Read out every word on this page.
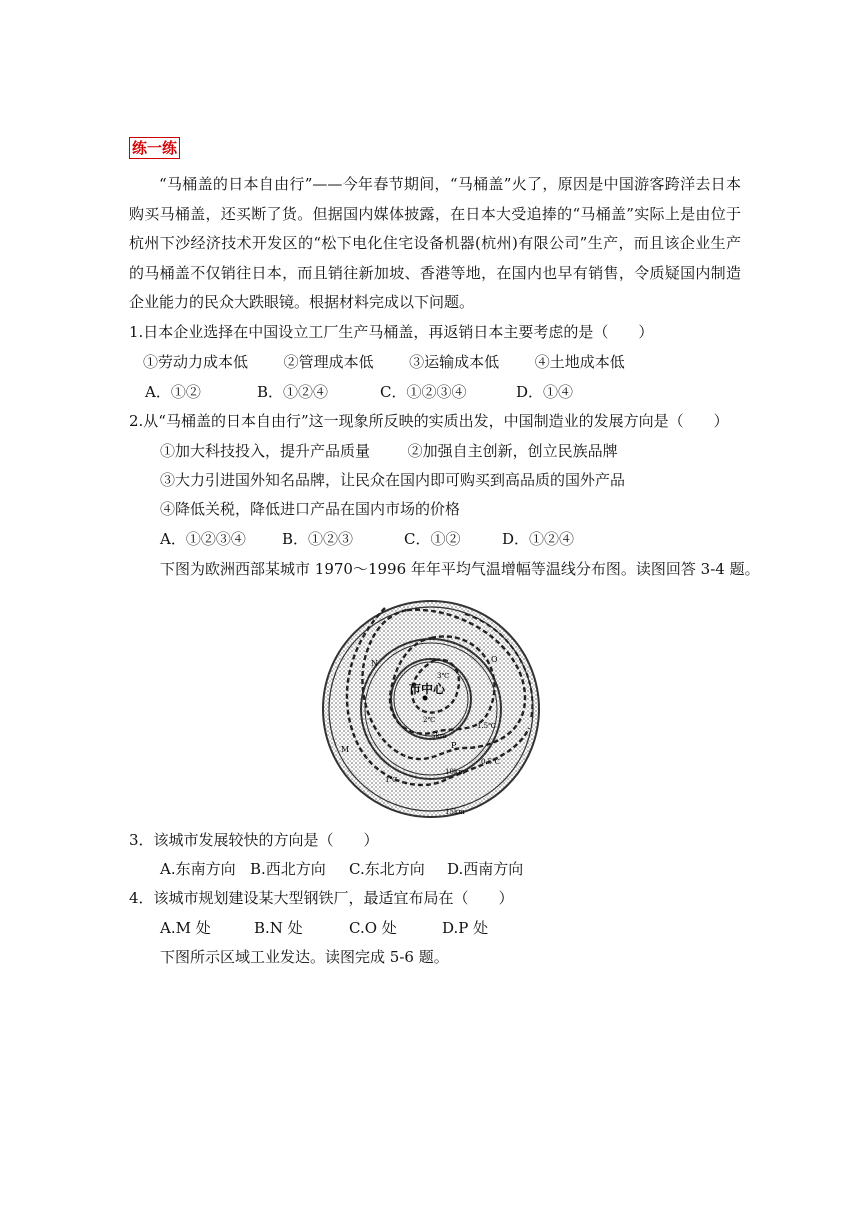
练一练
“马桶盖的日本自由行”——今年春节期间，“马桶盖”火了，原因是中国游客跨洋去日本购买马桶盖，还买断了货。但据国内媒体披露，在日本大受追捧的“马桶盖”实际上是由位于杭州下沙经济技术开发区的“松下电化住宅设备机器(杭州)有限公司”生产，而且该企业生产的马桶盖不仅销往日本，而且销往新加坡、香港等地，在国内也早有销售，令质疑国内制造企业能力的民众大跌眼镜。根据材料完成以下问题。
1.日本企业选择在中国设立工厂生产马桶盖，再返销日本主要考虑的是（　　）
①劳动力成本低 ②管理成本低 ③运输成本低 ④土地成本低
A．①②	B．①②④	C．①②③④	D．①④
2.从“马桶盖的日本自由行”这一现象所反映的实质出发，中国制造业的发展方向是（　　）
①加大科技投入，提升产品质量	②加强自主创新，创立民族品牌
③大力引进国外知名品牌，让民众在国内即可购买到高品质的国外产品
④降低关税，降低进口产品在国内市场的价格
A．①②③④ B．①②③	C．①②	D．①②④
下图为欧洲西部某城市 1970～1996 年年平均气温增幅等温线分布图。读图回答 3-4 题。
市中心
3℃
2℃
1.5℃
0.5℃
1℃
5km
10km
15km
M
N	O
P
3．该城市发展较快的方向是（　　）
A.东南方向 B.西北方向 C.东北方向 D.西南方向
4．该城市规划建设某大型钢铁厂，最适宜布局在（　　）
A.M 处	B.N 处	C.O 处	D.P 处
下图所示区域工业发达。读图完成 5-6 题。
